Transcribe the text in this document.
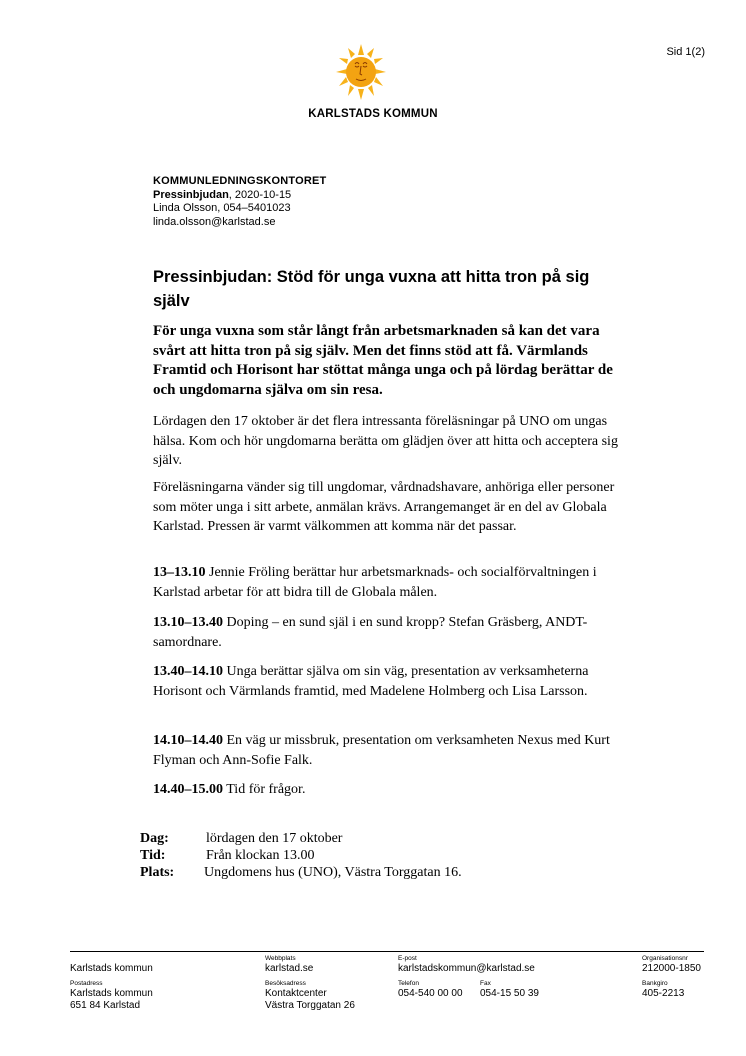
Sid 1(2)
KARLSTADS KOMMUN
KOMMUNLEDNINGSKONTORET
Pressinbjudan, 2020-10-15
Linda Olsson, 054–5401023
linda.olsson@karlstad.se
Pressinbjudan: Stöd för unga vuxna att hitta tron på sig själv
För unga vuxna som står långt från arbetsmarknaden så kan det vara svårt att hitta tron på sig själv. Men det finns stöd att få. Värmlands Framtid och Horisont har stöttat många unga och på lördag berättar de och ungdomarna själva om sin resa.
Lördagen den 17 oktober är det flera intressanta föreläsningar på UNO om ungas hälsa. Kom och hör ungdomarna berätta om glädjen över att hitta och acceptera sig själv.
Föreläsningarna vänder sig till ungdomar, vårdnadshavare, anhöriga eller personer som möter unga i sitt arbete, anmälan krävs. Arrangemanget är en del av Globala Karlstad. Pressen är varmt välkommen att komma när det passar.
13–13.10 Jennie Fröling berättar hur arbetsmarknads- och socialförvaltningen i Karlstad arbetar för att bidra till de Globala målen.
13.10–13.40 Doping – en sund själ i en sund kropp? Stefan Gräsberg, ANDT-samordnare.
13.40–14.10 Unga berättar själva om sin väg, presentation av verksamheterna Horisont och Värmlands framtid, med Madelene Holmberg och Lisa Larsson.
14.10–14.40 En väg ur missbruk, presentation om verksamheten Nexus med Kurt Flyman och Ann-Sofie Falk.
14.40–15.00 Tid för frågor.
Dag:	lördagen den 17 oktober
Tid:	Från klockan 13.00
Plats: Ungdomens hus (UNO), Västra Torggatan 16.
Karlstads kommun
Webbplats
karlstad.se
E-post
karlstadskommun@karlstad.se
Organisationsnr
212000-1850
Postadress
Karlstads kommun
651 84 Karlstad
Besöksadress
Kontaktcenter
Västra Torggatan 26
Telefon
054-540 00 00
Fax
054-15 50 39
Bankgiro
405-2213
